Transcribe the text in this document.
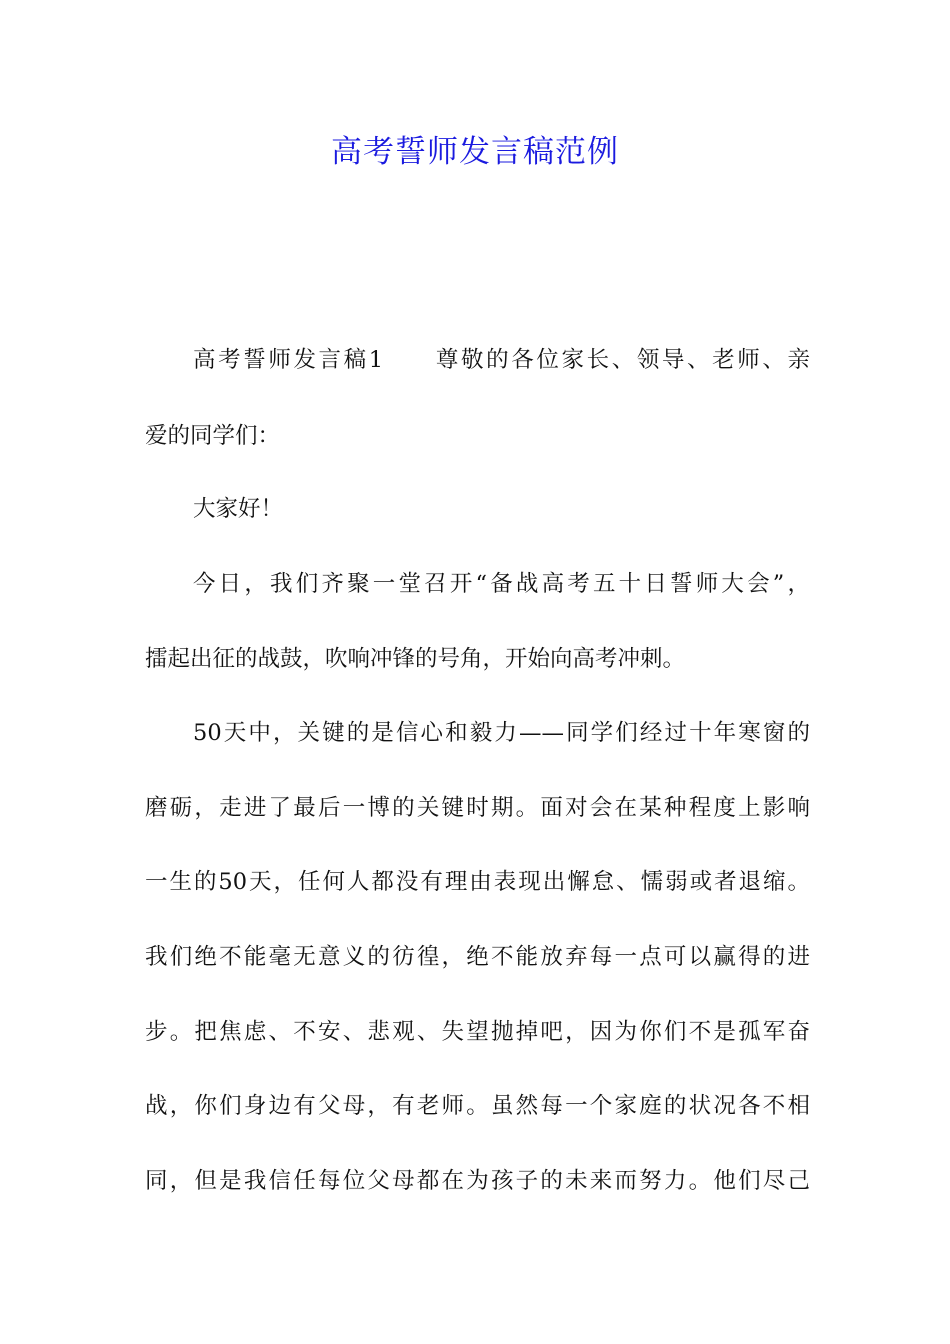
高考誓师发言稿范例
高考誓师发言稿1　　尊敬的各位家长、领导、老师、亲
爱的同学们：
大家好！
今日，我们齐聚一堂召开“备战高考五十日誓师大会”，
擂起出征的战鼓，吹响冲锋的号角，开始向高考冲刺。
50天中，关键的是信心和毅力——同学们经过十年寒窗的
磨砺，走进了最后一博的关键时期。面对会在某种程度上影响
一生的50天，任何人都没有理由表现出懈怠、懦弱或者退缩。
我们绝不能毫无意义的彷徨，绝不能放弃每一点可以赢得的进
步。把焦虑、不安、悲观、失望抛掉吧，因为你们不是孤军奋
战，你们身边有父母，有老师。虽然每一个家庭的状况各不相
同，但是我信任每位父母都在为孩子的未来而努力。他们尽己
